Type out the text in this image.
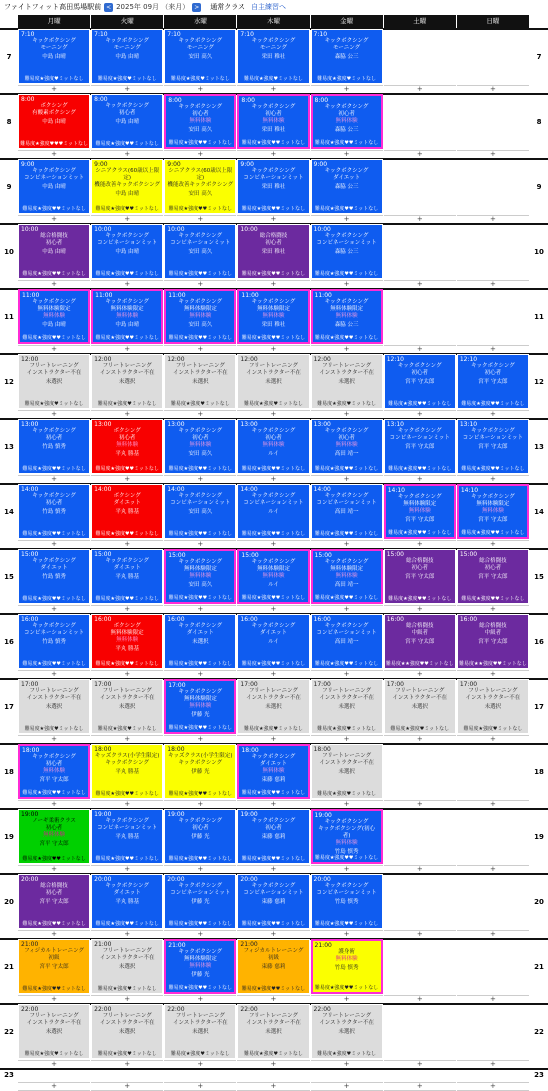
ファイトフィット高田馬場駅前 < 2025年 09月 （来月） > 通常クラス 自主練習へ
月曜	火曜	水曜	木曜	金曜	土曜	日曜
7	7
7:10
キックボクシング
モーニング
中島 由晴
難易度★強度♥ミットなし
7:10
キックボクシング
モーニング
中島 由晴
難易度★強度♥ミットなし
7:10
キックボクシング
モーニング
安田 高久
難易度★強度♥ミットなし
7:10
キックボクシング
モーニング
栄田 稚社
難易度★強度♥ミットなし
7:10
キックボクシング
モーニング
森脇 公三
難易度★強度♥ミットなし
+	+	+	+	+	+	+
8	8
8:00
ボクシング
有酸素ボクシング
中島 由晴
難易度★強度♥♥♥ミットなし
8:00
キックボクシング
初心者
中島 由晴
難易度★強度♥♥ミットなし
8:00
キックボクシング
初心者
無料体験
安田 高久
難易度★強度♥♥ミットなし
8:00
キックボクシング
初心者
無料体験
栄田 稚社
難易度★強度♥♥ミットなし
8:00
キックボクシング
初心者
無料体験
森脇 公三
難易度★強度♥♥ミットなし
+	+	+	+	+	+	+
9	9
9:00
キックボクシング
コンビネーションミット
中島 由晴
難易度★強度♥♥ミットなし
9:00
シニアクラス(60歳以上限定)
機能改善キックボクシング
中島 由晴
難易度★強度♥♥ミットなし
9:00
シニアクラス(60歳以上限定)
機能改善キックボクシング
安田 高久
難易度★強度♥♥ミットなし
9:00
キックボクシング
コンビネーションミット
栄田 稚社
難易度★強度♥♥ミットなし
9:00
キックボクシング
ダイエット
森脇 公三
難易度★強度♥♥ミットなし
+	+	+	+	+	+	+
10	10
10:00
総合格闘技
初心者
中島 由晴
難易度★強度♥♥ミットなし
10:00
キックボクシング
コンビネーションミット
中島 由晴
難易度★強度♥♥ミットなし
10:00
キックボクシング
コンビネーションミット
安田 高久
難易度★強度♥♥ミットなし
10:00
総合格闘技
初心者
栄田 稚社
難易度★強度♥♥ミットなし
10:00
キックボクシング
コンビネーションミット
森脇 公三
難易度★強度♥♥ミットなし
+	+	+	+	+	+	+
11	11
11:00
キックボクシング
無料体験限定
無料体験
中島 由晴
難易度★強度♥♥ミットなし
11:00
キックボクシング
無料体験限定
無料体験
中島 由晴
難易度★強度♥♥ミットなし
11:00
キックボクシング
無料体験限定
無料体験
安田 高久
難易度★強度♥♥ミットなし
11:00
キックボクシング
無料体験限定
無料体験
栄田 稚社
難易度★強度♥♥ミットなし
11:00
キックボクシング
無料体験限定
無料体験
森脇 公三
難易度★強度♥♥ミットなし
+	+	+	+	+	+	+
12	12
12:00
フリートレーニング
インストラクター不在
未選択
難易度★強度♥ミットなし
12:00
フリートレーニング
インストラクター不在
未選択
難易度★強度♥ミットなし
12:00
フリートレーニング
インストラクター不在
未選択
難易度★強度♥ミットなし
12:00
フリートレーニング
インストラクター不在
未選択
難易度★強度♥ミットなし
12:00
フリートレーニング
インストラクター不在
未選択
難易度★強度♥ミットなし
12:10
キックボクシング
初心者
宮平 守太郎
難易度★強度♥♥ミットなし
12:10
キックボクシング
初心者
宮平 守太郎
難易度★強度♥♥ミットなし
+	+	+	+	+	+	+
13	13
13:00
キックボクシング
初心者
竹島 慎秀
難易度★強度♥♥ミットなし
13:00
ボクシング
初心者
無料体験
平丸 勝基
難易度★強度♥♥ミットなし
13:00
キックボクシング
初心者
無料体験
安田 高久
難易度★強度♥♥ミットなし
13:00
キックボクシング
初心者
無料体験
ルイ
難易度★強度♥♥ミットなし
13:00
キックボクシング
初心者
無料体験
高田 靖一
難易度★強度♥♥ミットなし
13:10
キックボクシング
コンビネーションミット
宮平 守太郎
難易度★強度♥♥ミットなし
13:10
キックボクシング
コンビネーションミット
宮平 守太郎
難易度★強度♥♥ミットなし
+	+	+	+	+	+	+
14	14
14:00
キックボクシング
初心者
竹島 慎秀
難易度★強度♥♥ミットなし
14:00
ボクシング
ダイエット
平丸 勝基
難易度★強度♥♥ミットなし
14:00
キックボクシング
コンビネーションミット
安田 高久
難易度★強度♥♥ミットなし
14:00
キックボクシング
コンビネーションミット
ルイ
難易度★強度♥♥ミットなし
14:00
キックボクシング
コンビネーションミット
高田 靖一
難易度★強度♥♥ミットなし
14:10
キックボクシング
無料体験限定
無料体験
宮平 守太郎
難易度★強度♥♥ミットなし
14:10
キックボクシング
無料体験限定
無料体験
宮平 守太郎
難易度★強度♥♥ミットなし
+	+	+	+	+	+	+
15	15
15:00
キックボクシング
ダイエット
竹島 慎秀
難易度★強度♥♥ミットなし
15:00
キックボクシング
ダイエット
平丸 勝基
難易度★強度♥♥ミットなし
15:00
キックボクシング
無料体験限定
無料体験
安田 高久
難易度★強度♥♥ミットなし
15:00
キックボクシング
無料体験限定
無料体験
ルイ
難易度★強度♥♥ミットなし
15:00
キックボクシング
無料体験限定
無料体験
高田 靖一
難易度★強度♥♥ミットなし
15:00
総合格闘技
初心者
宮平 守太郎
難易度★強度♥♥ミットなし
15:00
総合格闘技
初心者
宮平 守太郎
難易度★強度♥♥ミットなし
+	+	+	+	+	+	+
16	16
16:00
キックボクシング
コンビネーションミット
竹島 慎秀
難易度★強度♥♥ミットなし
16:00
ボクシング
無料体験限定
無料体験
平丸 勝基
難易度★強度♥♥ミットなし
16:00
キックボクシング
ダイエット
未選択
難易度★強度♥♥ミットなし
16:00
キックボクシング
ダイエット
ルイ
難易度★強度♥♥ミットなし
16:00
キックボクシング
コンビネーションミット
高田 靖一
難易度★強度♥♥ミットなし
16:00
総合格闘技
中級者
宮平 守太郎
難易度★★強度♥♥ミットなし
16:00
総合格闘技
中級者
宮平 守太郎
難易度★★強度♥♥ミットなし
+	+	+	+	+	+	+
17	17
17:00
フリートレーニング
インストラクター不在
未選択
難易度★強度♥ミットなし
17:00
フリートレーニング
インストラクター不在
未選択
難易度★強度♥ミットなし
17:00
キックボクシング
無料体験限定
無料体験
伊藤 光
難易度★強度♥♥ミットなし
17:00
フリートレーニング
インストラクター不在
未選択
難易度★強度♥ミットなし
17:00
フリートレーニング
インストラクター不在
未選択
難易度★強度♥ミットなし
17:00
フリートレーニング
インストラクター不在
未選択
難易度★強度♥ミットなし
17:00
フリートレーニング
インストラクター不在
未選択
難易度★強度♥ミットなし
+	+	+	+	+	+	+
18	18
18:00
キックボクシング
初心者
無料体験
宮平 守太郎
難易度★強度♥♥ミットなし
18:00
キッズクラス(小学生限定)
キックボクシング
平丸 勝基
難易度★強度♥♥ミットなし
18:00
キッズクラス(小学生限定)
キックボクシング
伊藤 光
難易度★強度♥♥ミットなし
18:00
キックボクシング
ダイエット
無料体験
束藤 慈莉
難易度★強度♥♥ミットなし
18:00
フリートレーニング
インストラクター不在
未選択
難易度★強度♥ミットなし
+	+	+	+	+	+	+
19	19
19:00
ノーギ柔術クラス
初心者
無料体験
宮平 守太郎
難易度★強度♥♥ミットなし
19:00
キックボクシング
コンビネーションミット
平丸 勝基
難易度★強度♥♥ミットなし
19:00
キックボクシング
初心者
伊藤 光
難易度★強度♥♥ミットなし
19:00
キックボクシング
初心者
束藤 慈莉
難易度★強度♥♥ミットなし
19:00
キックボクシング
キックボクシング(初心者)
無料体験
竹島 慎秀
難易度★強度♥♥ミットなし
+	+	+	+	+	+	+
20	20
20:00
総合格闘技
初心者
宮平 守太郎
難易度★強度♥♥ミットなし
20:00
キックボクシング
ダイエット
平丸 勝基
難易度★強度♥♥ミットなし
20:00
キックボクシング
コンビネーションミット
伊藤 光
難易度★強度♥♥ミットなし
20:00
キックボクシング
コンビネーションミット
束藤 慈莉
難易度★強度♥♥ミットなし
20:00
キックボクシング
コンビネーションミット
竹島 慎秀
難易度★強度♥♥ミットなし
+	+	+	+	+	+	+
21	21
21:00
フィジカルトレーニング
初級
宮平 守太郎
難易度★強度♥♥ミットなし
21:00
フリートレーニング
インストラクター不在
未選択
難易度★強度♥ミットなし
21:00
キックボクシング
無料体験限定
無料体験
伊藤 光
難易度★強度♥♥ミットなし
21:00
フィジカルトレーニング
初級
束藤 慈莉
難易度★強度♥♥ミットなし
21:00
護身術
無料体験
竹島 慎秀
難易度★強度♥♥ミットなし
+	+	+	+	+	+	+
22	22
22:00
フリートレーニング
インストラクター不在
未選択
難易度★強度♥ミットなし
22:00
フリートレーニング
インストラクター不在
未選択
難易度★強度♥ミットなし
22:00
フリートレーニング
インストラクター不在
未選択
難易度★強度♥ミットなし
22:00
フリートレーニング
インストラクター不在
未選択
難易度★強度♥ミットなし
22:00
フリートレーニング
インストラクター不在
未選択
難易度★強度♥ミットなし
+	+	+	+	+	+	+
23	23
+	+	+	+	+	+	+
